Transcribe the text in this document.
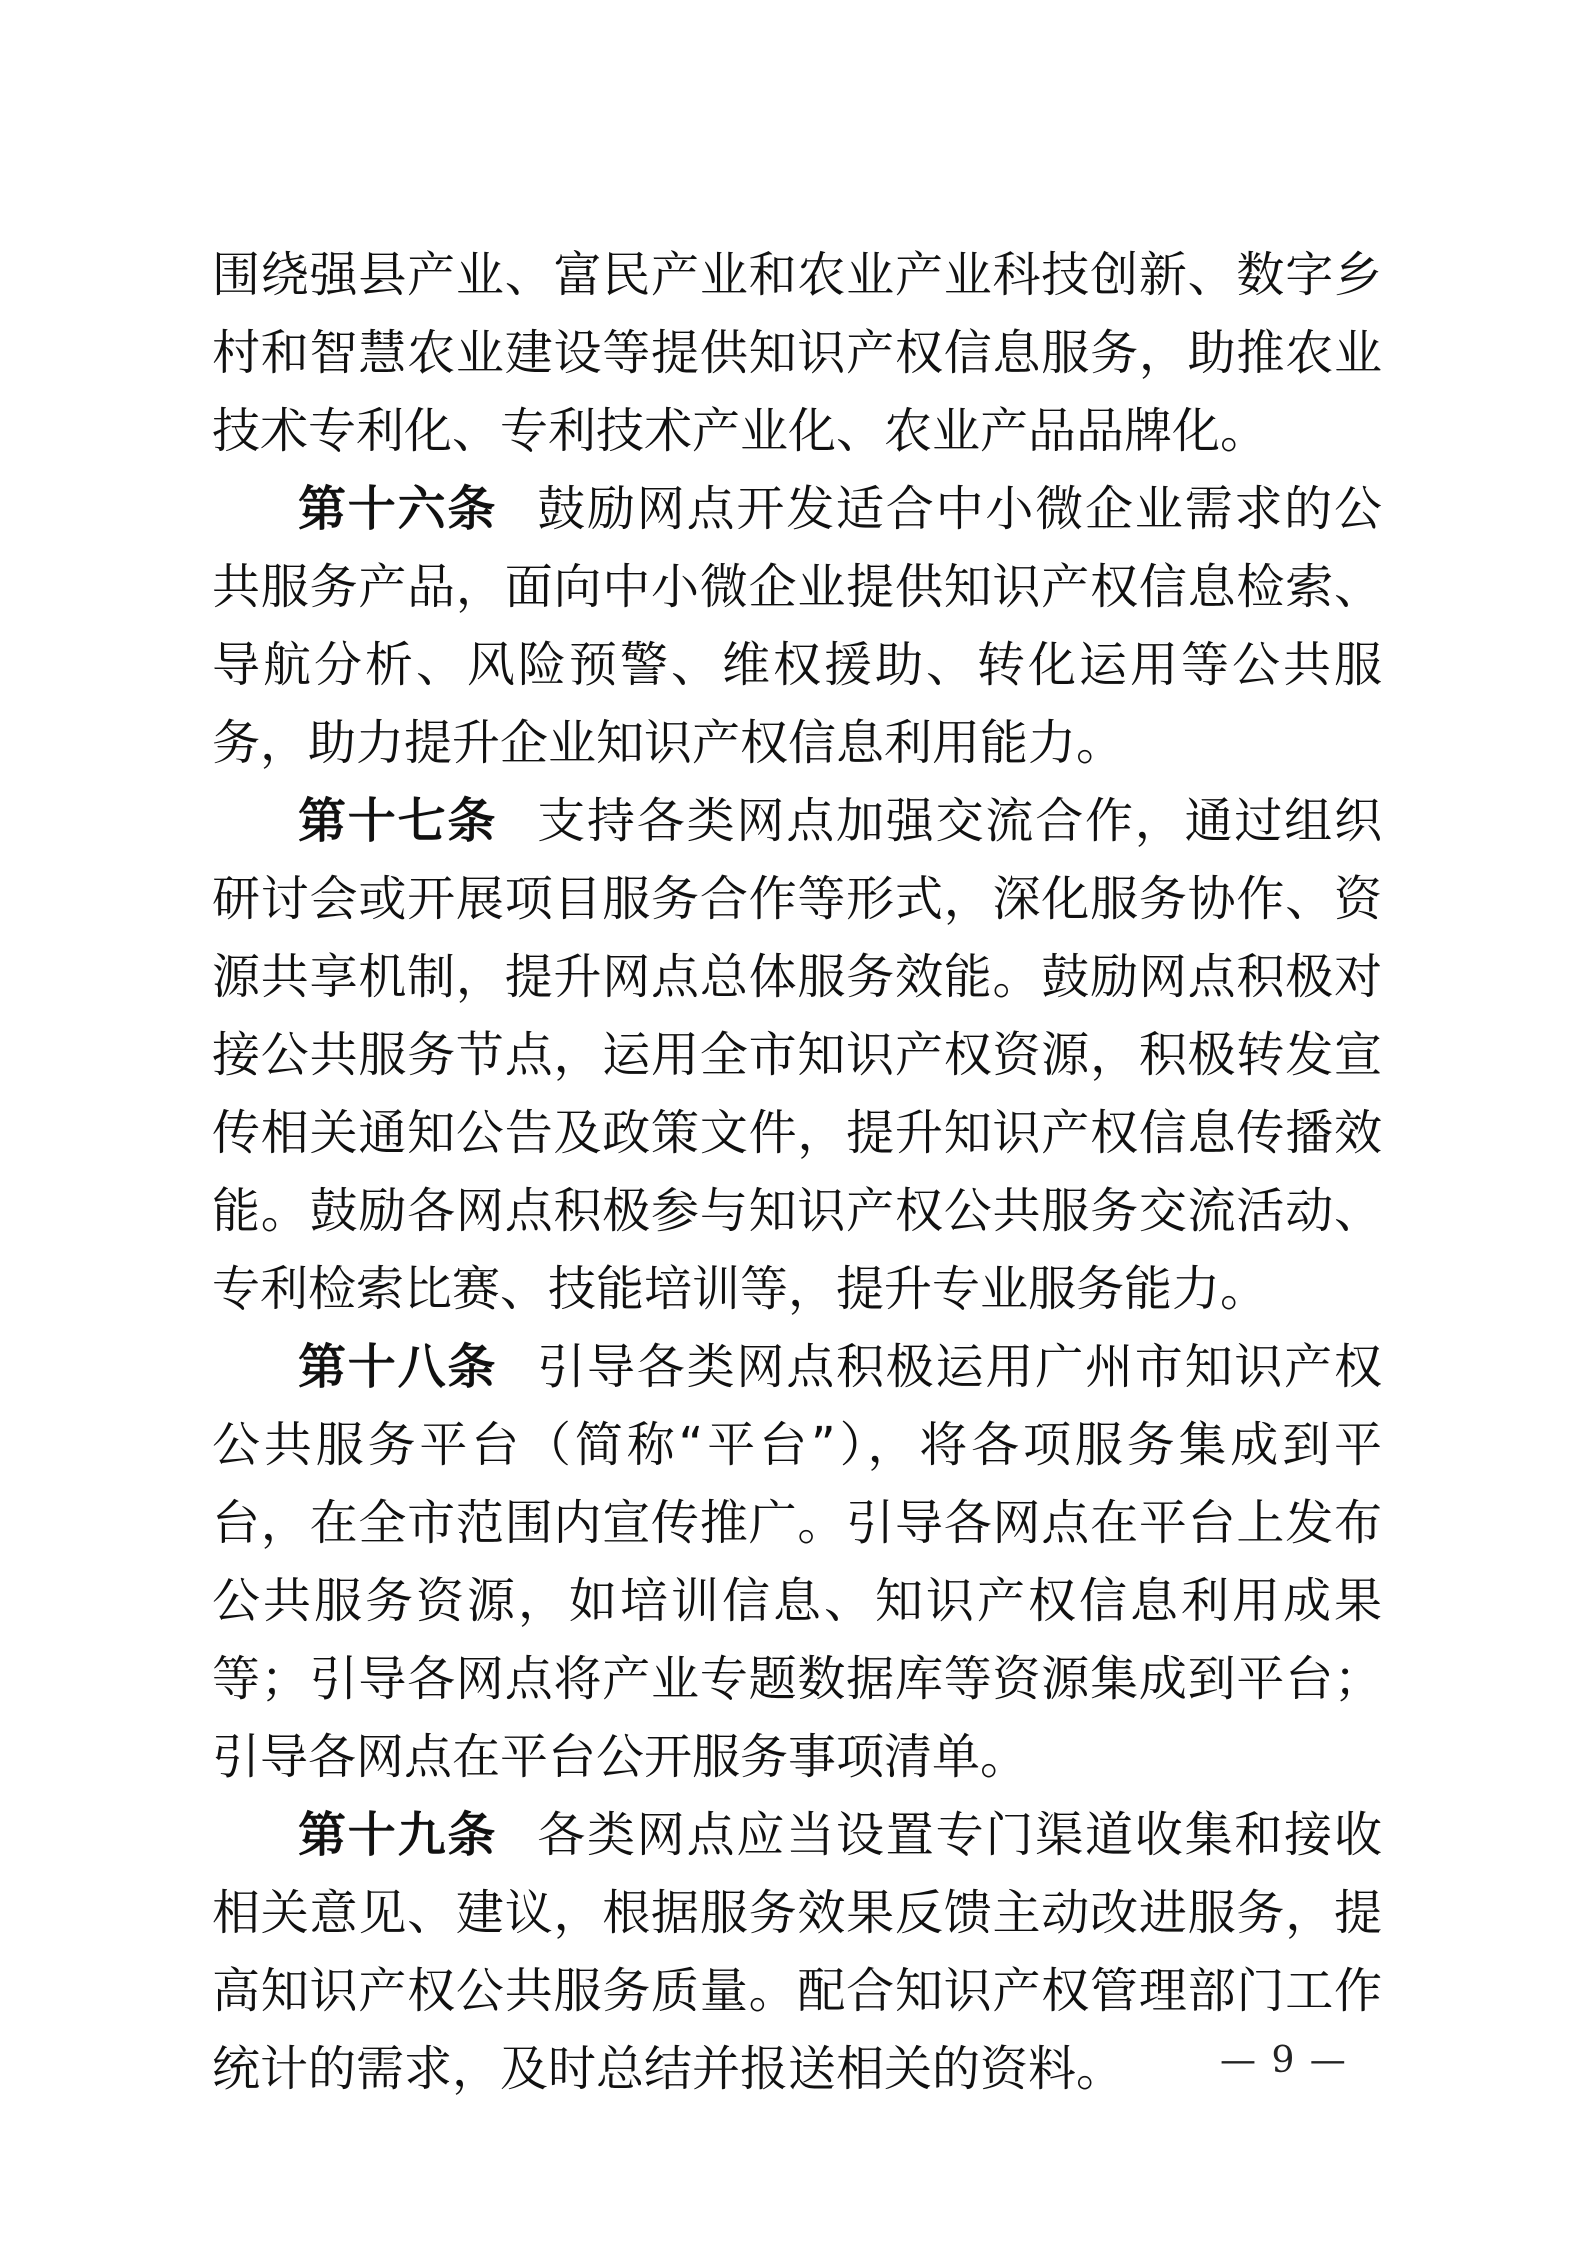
围绕强县产业、富民产业和农业产业科技创新、数字乡村和智慧农业建设等提供知识产权信息服务，助推农业技术专利化、专利技术产业化、农业产品品牌化。

第十六条 鼓励网点开发适合中小微企业需求的公共服务产品，面向中小微企业提供知识产权信息检索、导航分析、风险预警、维权援助、转化运用等公共服务，助力提升企业知识产权信息利用能力。

第十七条 支持各类网点加强交流合作，通过组织研讨会或开展项目服务合作等形式，深化服务协作、资源共享机制，提升网点总体服务效能。鼓励网点积极对接公共服务节点，运用全市知识产权资源，积极转发宣传相关通知公告及政策文件，提升知识产权信息传播效能。鼓励各网点积极参与知识产权公共服务交流活动、专利检索比赛、技能培训等，提升专业服务能力。

第十八条 引导各类网点积极运用广州市知识产权公共服务平台（简称“平台”），将各项服务集成到平台，在全市范围内宣传推广。引导各网点在平台上发布公共服务资源，如培训信息、知识产权信息利用成果等；引导各网点将产业专题数据库等资源集成到平台；引导各网点在平台公开服务事项清单。

第十九条 各类网点应当设置专门渠道收集和接收相关意见、建议，根据服务效果反馈主动改进服务，提高知识产权公共服务质量。配合知识产权管理部门工作统计的需求，及时总结并报送相关的资料。	— 9 —
